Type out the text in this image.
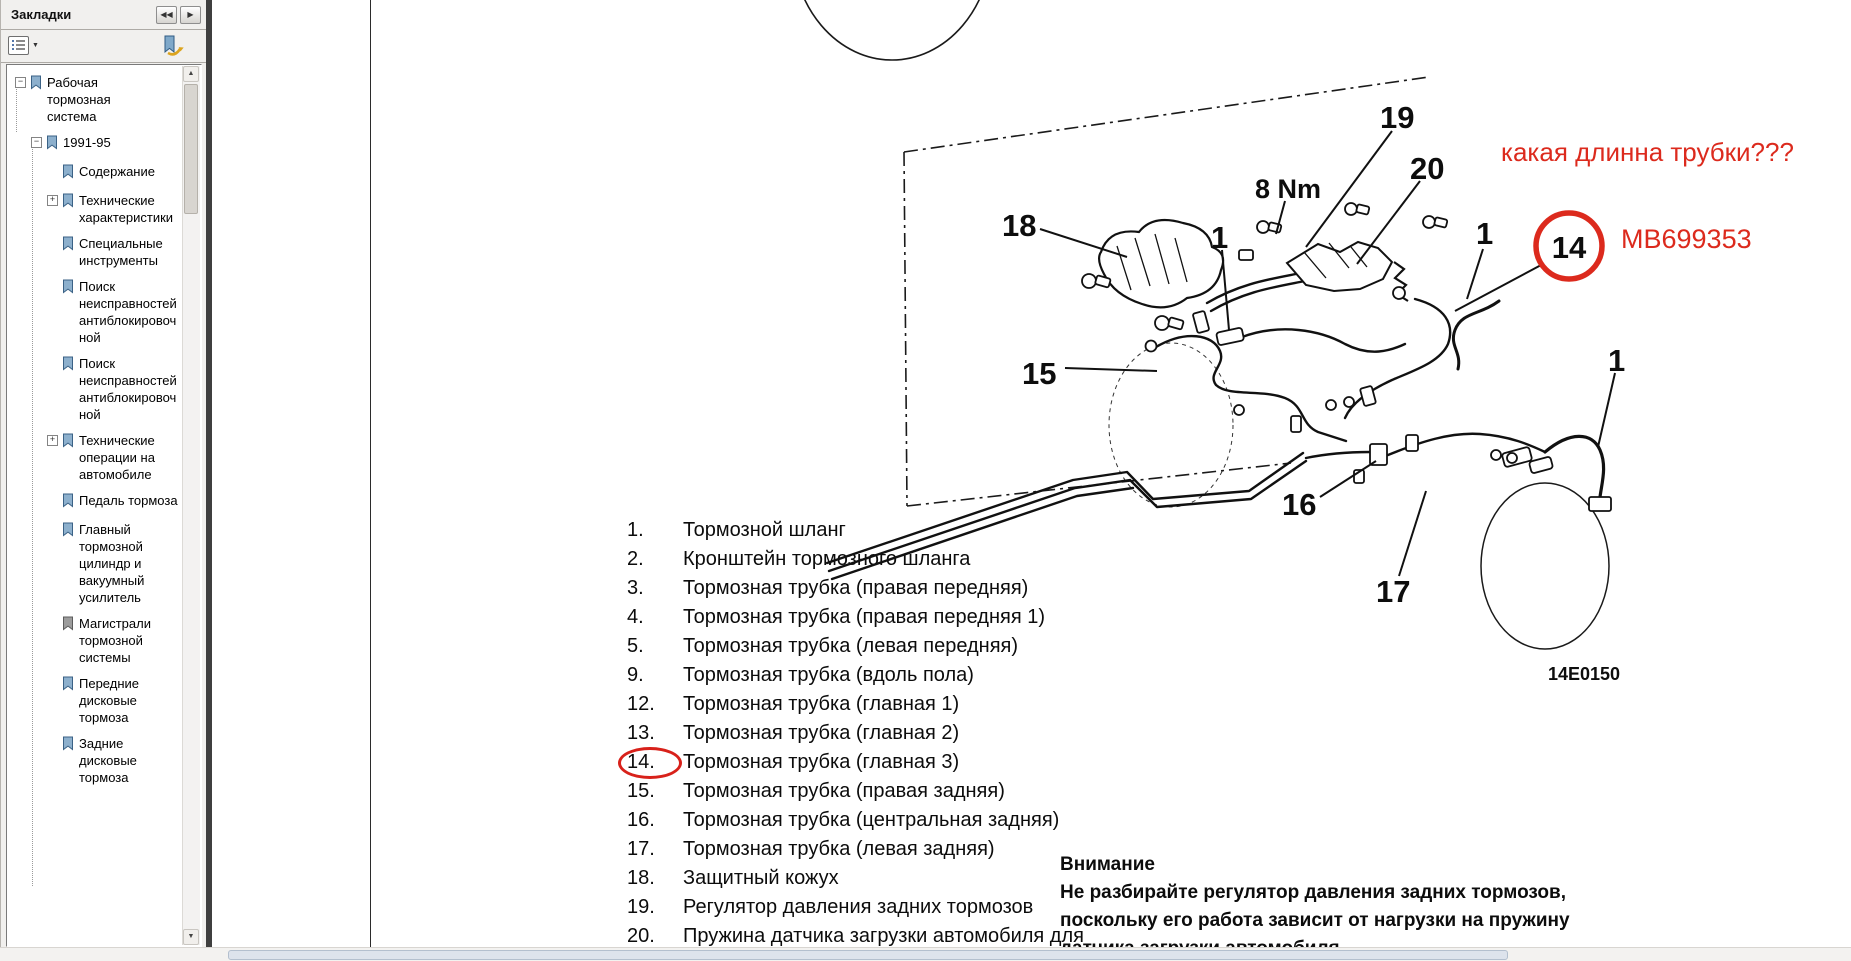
Закладки	◀◀	▶
▼
− Рабочая тормозная система
− 1991-95
Содержание
+ Технические характеристики
Специальные инструменты
Поиск неисправностей антиблокировочной
Поиск неисправностей антиблокировочной
+ Технические операции на автомобиле
Педаль тормоза
Главный тормозной цилиндр и вакуумный усилитель
Магистрали тормозной системы
Передние дисковые тормоза
Задние дисковые тормоза
▲
▼
1. Тормозной шланг
2. Кронштейн тормозного шланга
3. Тормозная трубка (правая передняя)
4. Тормозная трубка (правая передняя 1)
5. Тормозная трубка (левая передняя)
9. Тормозная трубка (вдоль пола)
12. Тормозная трубка (главная 1)
13. Тормозная трубка (главная 2)
14. Тормозная трубка (главная 3)
15. Тормозная трубка (правая задняя)
16. Тормозная трубка (центральная задняя)
17. Тормозная трубка (левая задняя)
18. Защитный кожух
19. Регулятор давления задних тормозов
20. Пружина датчика загрузки автомобиля для
Внимание
Не разбирайте регулятор давления задних тормозов,
поскольку его работа зависит от нагрузки на пружину
18
8 Nm
19
20
1	1
1
15
16
17
14E0150
14
какая длинна трубки???
MB699353
